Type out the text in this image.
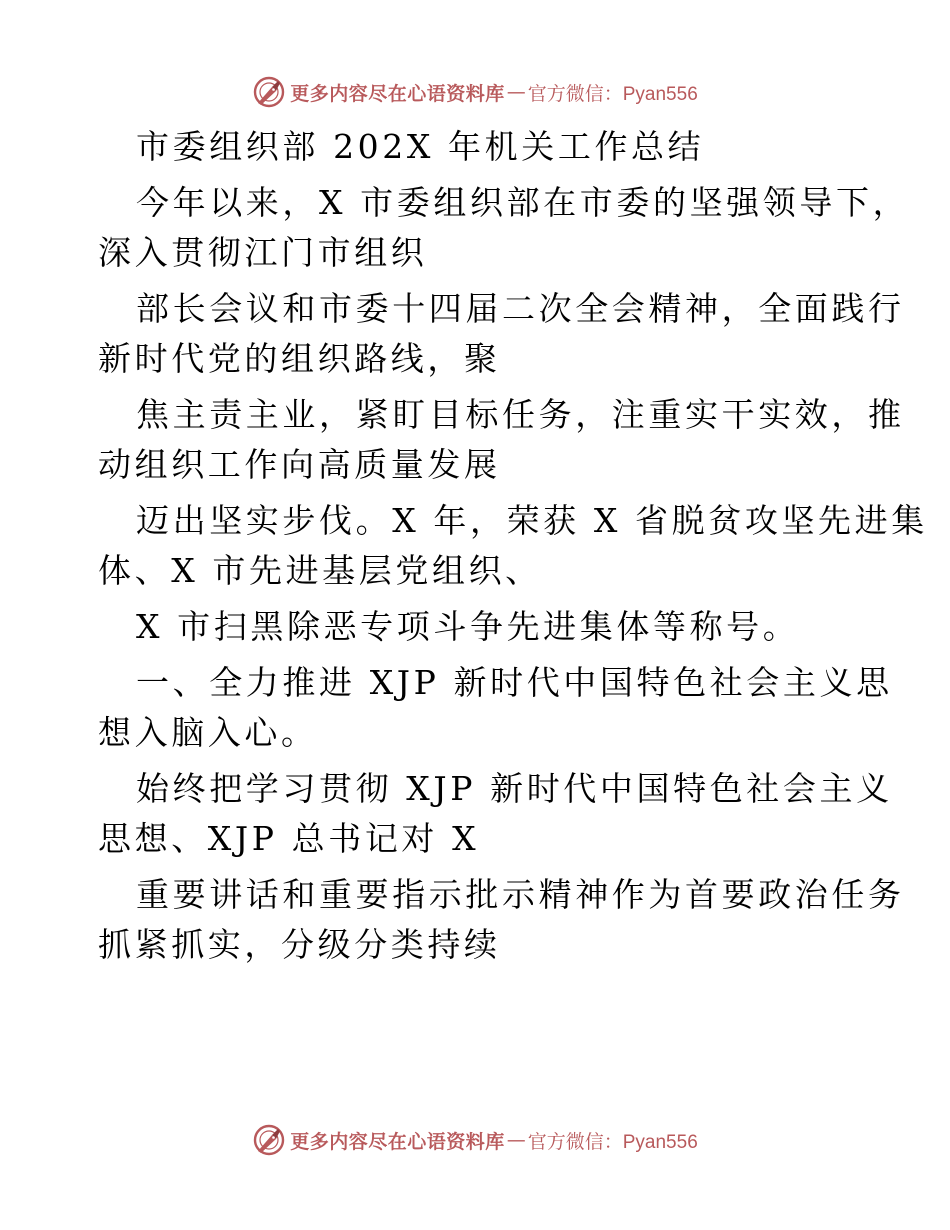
更多内容尽在心语资料库 — 官方微信：Pyan556
市委组织部 202X 年机关工作总结
今年以来，X 市委组织部在市委的坚强领导下，
深入贯彻江门市组织
部长会议和市委十四届二次全会精神，全面践行
新时代党的组织路线，聚
焦主责主业，紧盯目标任务，注重实干实效，推
动组织工作向高质量发展
迈出坚实步伐。X 年，荣获 X 省脱贫攻坚先进集
体、X 市先进基层党组织、
X 市扫黑除恶专项斗争先进集体等称号。
一、全力推进 XJP 新时代中国特色社会主义思
想入脑入心。
始终把学习贯彻 XJP 新时代中国特色社会主义
思想、XJP 总书记对 X
重要讲话和重要指示批示精神作为首要政治任务
抓紧抓实，分级分类持续
更多内容尽在心语资料库 — 官方微信：Pyan556
